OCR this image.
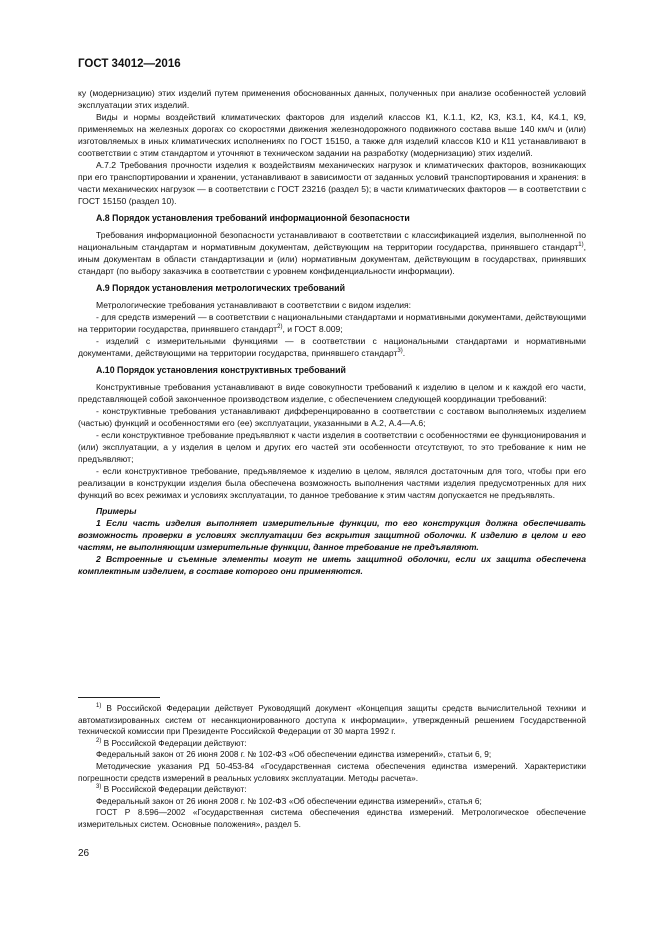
ГОСТ 34012—2016

ку (модернизацию) этих изделий путем применения обоснованных данных, полученных при анализе особенностей условий эксплуатации этих изделий.

Виды и нормы воздействий климатических факторов для изделий классов К1, К.1.1, К2, К3, К3.1, К4, К4.1, К9, применяемых на железных дорогах со скоростями движения железнодорожного подвижного состава выше 140 км/ч и (или) изготовляемых в иных климатических исполнениях по ГОСТ 15150, а также для изделий классов К10 и К11 устанавливают в соответствии с этим стандартом и уточняют в техническом задании на разработку (модернизацию) этих изделий.

А.7.2 Требования прочности изделия к воздействиям механических нагрузок и климатических факторов, возникающих при его транспортировании и хранении, устанавливают в зависимости от заданных условий транспортирования и хранения: в части механических нагрузок — в соответствии с ГОСТ 23216 (раздел 5); в части климатических факторов — в соответствии с ГОСТ 15150 (раздел 10).

А.8 Порядок установления требований информационной безопасности

Требования информационной безопасности устанавливают в соответствии с классификацией изделия, выполненной по национальным стандартам и нормативным документам, действующим на территории государства, принявшего стандарт$^{1)}$, иным документам в области стандартизации и (или) нормативным документам, действующим в государствах, принявших стандарт (по выбору заказчика в соответствии с уровнем конфиденциальности информации).

А.9 Порядок установления метрологических требований

Метрологические требования устанавливают в соответствии с видом изделия:

- для средств измерений — в соответствии с национальными стандартами и нормативными документами, действующими на территории государства, принявшего стандарт$^{2)}$, и ГОСТ 8.009;

- изделий с измерительными функциями — в соответствии с национальными стандартами и нормативными документами, действующими на территории государства, принявшего стандарт$^{3)}$.

А.10 Порядок установления конструктивных требований

Конструктивные требования устанавливают в виде совокупности требований к изделию в целом и к каждой его части, представляющей собой законченное производством изделие, с обеспечением следующей координации требований:

- конструктивные требования устанавливают дифференцированно в соответствии с составом выполняемых изделием (частью) функций и особенностями его (ее) эксплуатации, указанными в А.2, А.4—А.6;

- если конструктивное требование предъявляют к части изделия в соответствии с особенностями ее функционирования и (или) эксплуатации, а у изделия в целом и других его частей эти особенности отсутствуют, то это требование к ним не предъявляют;

- если конструктивное требование, предъявляемое к изделию в целом, являлся достаточным для того, чтобы при его реализации в конструкции изделия была обеспечена возможность выполнения частями изделия предусмотренных для них функций во всех режимах и условиях эксплуатации, то данное требование к этим частям допускается не предъявлять.

Примеры

1 Если часть изделия выполняет измерительные функции, то его конструкция должна обеспечивать возможность проверки в условиях эксплуатации без вскрытия защитной оболочки. К изделию в целом и его частям, не выполняющим измерительные функции, данное требование не предъявляют.

2 Встроенные и съемные элементы могут не иметь защитной оболочки, если их защита обеспечена комплектным изделием, в составе которого они применяются.

$^{1)}$ В Российской Федерации действует Руководящий документ «Концепция защиты средств вычислительной техники и автоматизированных систем от несанкционированного доступа к информации», утвержденный решением Государственной технической комиссии при Президенте Российской Федерации от 30 марта 1992 г.

$^{2)}$ В Российской Федерации действуют:

Федеральный закон от 26 июня 2008 г. № 102-ФЗ «Об обеспечении единства измерений», статьи 6, 9;

Методические указания РД 50-453-84 «Государственная система обеспечения единства измерений. Характеристики погрешности средств измерений в реальных условиях эксплуатации. Методы расчета».

$^{3)}$ В Российской Федерации действуют:

Федеральный закон от 26 июня 2008 г. № 102-ФЗ «Об обеспечении единства измерений», статья 6;

ГОСТ Р 8.596—2002 «Государственная система обеспечения единства измерений. Метрологическое обеспечение измерительных систем. Основные положения», раздел 5.

26
